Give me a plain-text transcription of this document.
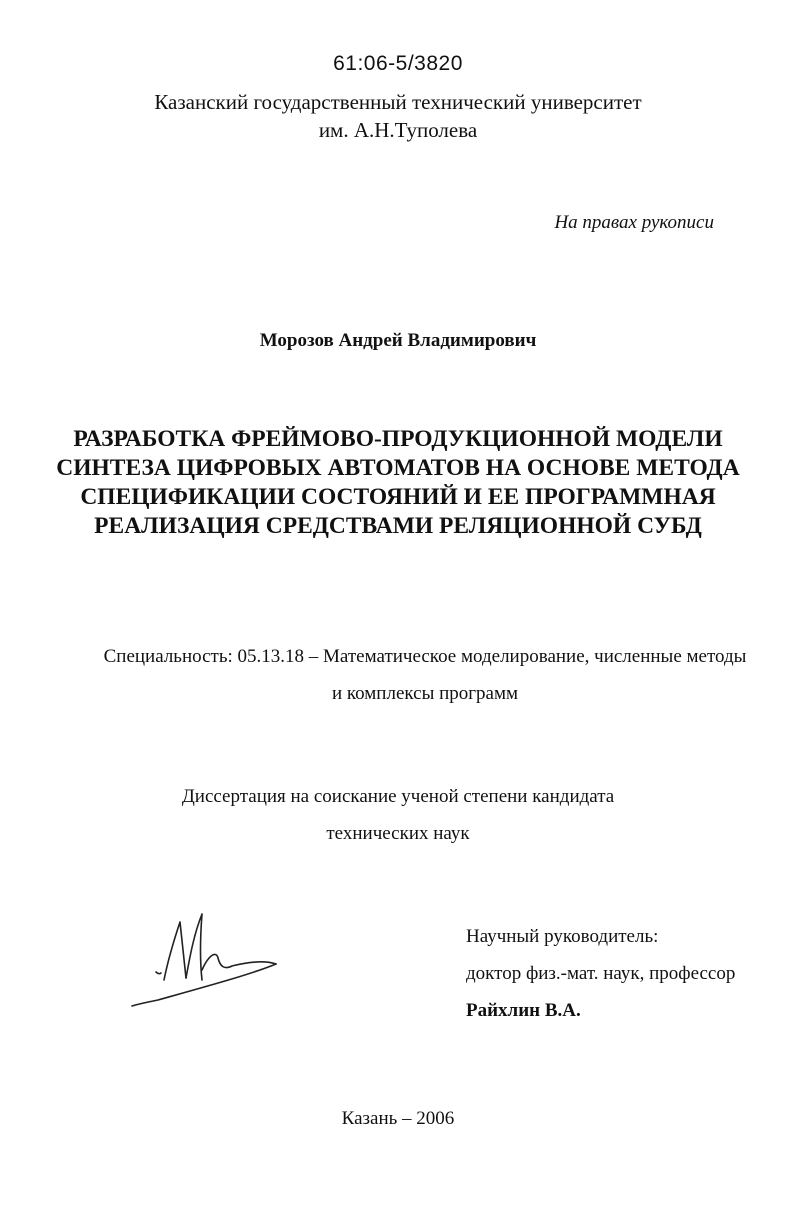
61:06-5/3820
Казанский государственный технический университет
им. А.Н.Туполева
На правах рукописи
Морозов Андрей Владимирович
РАЗРАБОТКА ФРЕЙМОВО-ПРОДУКЦИОННОЙ МОДЕЛИ
СИНТЕЗА ЦИФРОВЫХ АВТОМАТОВ НА ОСНОВЕ МЕТОДА
СПЕЦИФИКАЦИИ СОСТОЯНИЙ И ЕЕ ПРОГРАММНАЯ
РЕАЛИЗАЦИЯ СРЕДСТВАМИ РЕЛЯЦИОННОЙ СУБД
Специальность: 05.13.18 – Математическое моделирование, численные методы
и комплексы программ
Диссертация на соискание ученой степени кандидата
технических наук
Научный руководитель:
доктор физ.-мат. наук, профессор
Райхлин В.А.
Казань – 2006
